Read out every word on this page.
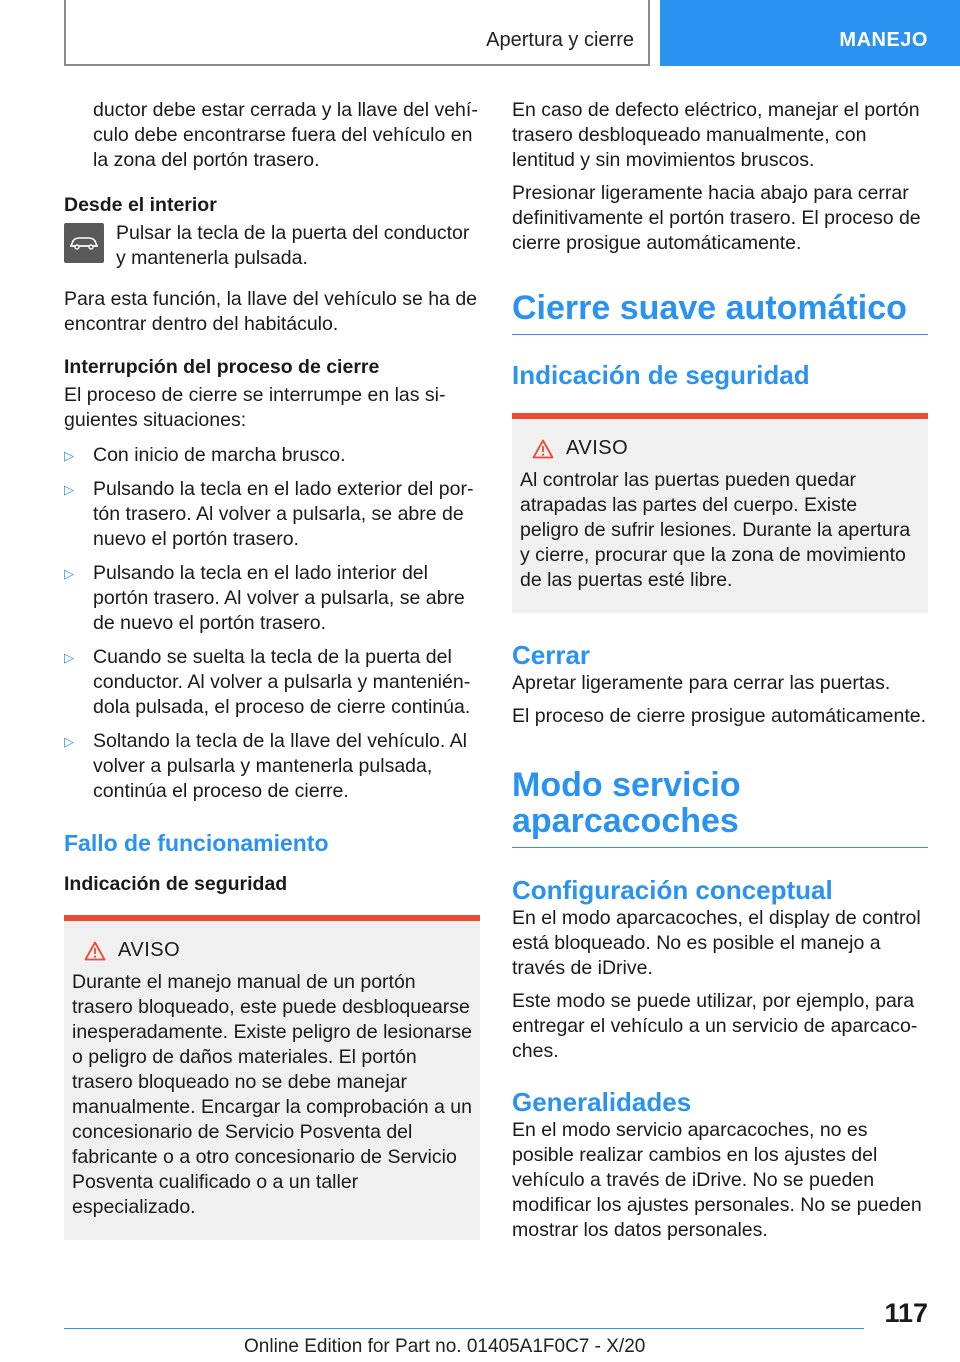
Apertura y cierre	MANEJO

ductor debe estar cerrada y la llave del vehículo debe encontrarse fuera del vehículo en la zona del portón trasero.

Desde el interior

Pulsar la tecla de la puerta del conductor y mantenerla pulsada.

Para esta función, la llave del vehículo se ha de encontrar dentro del habitáculo.

Interrupción del proceso de cierre

El proceso de cierre se interrumpe en las siguientes situaciones:

▷ Con inicio de marcha brusco.
▷ Pulsando la tecla en el lado exterior del portón trasero. Al volver a pulsarla, se abre de nuevo el portón trasero.
▷ Pulsando la tecla en el lado interior del portón trasero. Al volver a pulsarla, se abre de nuevo el portón trasero.
▷ Cuando se suelta la tecla de la puerta del conductor. Al volver a pulsarla y manteniéndola pulsada, el proceso de cierre continúa.
▷ Soltando la tecla de la llave del vehículo. Al volver a pulsarla y mantenerla pulsada, continúa el proceso de cierre.
Fallo de funcionamiento
Indicación de seguridad
AVISO

Durante el manejo manual de un portón trasero bloqueado, este puede desbloquearse inesperadamente. Existe peligro de lesionarse o peligro de daños materiales. El portón trasero bloqueado no se debe manejar manualmente. Encargar la comprobación a un concesionario de Servicio Posventa del fabricante o a otro concesionario de Servicio Posventa cualificado o a un taller especializado.

En caso de defecto eléctrico, manejar el portón trasero desbloqueado manualmente, con lentitud y sin movimientos bruscos.

Presionar ligeramente hacia abajo para cerrar definitivamente el portón trasero. El proceso de cierre prosigue automáticamente.

Cierre suave automático
Indicación de seguridad
AVISO

Al controlar las puertas pueden quedar atrapadas las partes del cuerpo. Existe peligro de sufrir lesiones. Durante la apertura y cierre, procurar que la zona de movimiento de las puertas esté libre.

Cerrar

Apretar ligeramente para cerrar las puertas.

El proceso de cierre prosigue automáticamente.

Modo servicio aparcacoches
Configuración conceptual

En el modo aparcacoches, el display de control está bloqueado. No es posible el manejo a través de iDrive.

Este modo se puede utilizar, por ejemplo, para entregar el vehículo a un servicio de aparcacoches.

Generalidades

En el modo servicio aparcacoches, no es posible realizar cambios en los ajustes del vehículo a través de iDrive. No se pueden modificar los ajustes personales. No se pueden mostrar los datos personales.

117
Online Edition for Part no. 01405A1F0C7 - X/20
